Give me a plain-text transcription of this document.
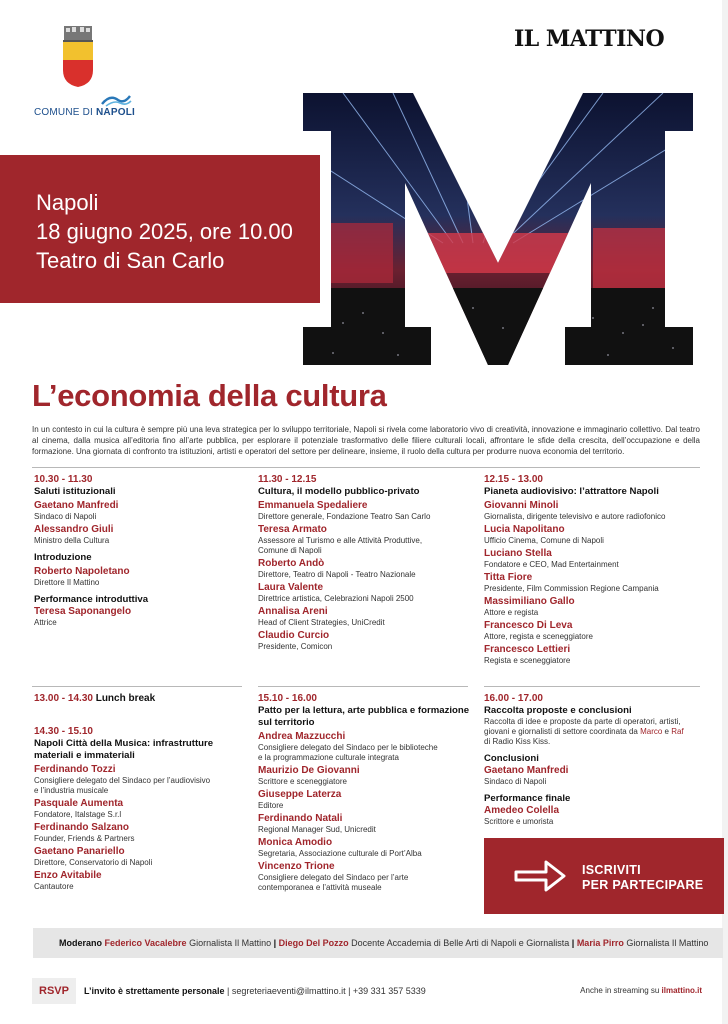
COMUNE DI NAPOLI
IL MATTINO
Napoli
18 giugno 2025, ore 10.00
Teatro di San Carlo
L’economia della cultura
In un contesto in cui la cultura è sempre più una leva strategica per lo sviluppo territoriale, Napoli si rivela come laboratorio vivo di creatività, innovazione e immaginario collettivo. Dal teatro al cinema, dalla musica all’editoria fino all’arte pubblica, per esplorare il potenziale trasformativo delle filiere culturali locali, affrontare le sfide della crescita, dell’occupazione e della formazione. Una giornata di confronto tra istituzioni, artisti e operatori del settore per delineare, insieme, il ruolo della cultura per produrre nuova economia del territorio.
10.30 - 11.30
Saluti istituzionali
Gaetano Manfredi
Sindaco di Napoli
Alessandro Giuli
Ministro della Cultura
Introduzione
Roberto Napoletano
Direttore Il Mattino
Performance introduttiva
Teresa Saponangelo
Attrice
11.30 - 12.15
Cultura, il modello pubblico-privato
Emmanuela Spedaliere
Direttore generale, Fondazione Teatro San Carlo
Teresa Armato
Assessore al Turismo e alle Attività Produttive,
Comune di Napoli
Roberto Andò
Direttore, Teatro di Napoli - Teatro Nazionale
Laura Valente
Direttrice artistica, Celebrazioni Napoli 2500
Annalisa Areni
Head of Client Strategies, UniCredit
Claudio Curcio
Presidente, Comicon
12.15 - 13.00
Pianeta audiovisivo: l’attrattore Napoli
Giovanni Minoli
Giornalista, dirigente televisivo e autore radiofonico
Lucia Napolitano
Ufficio Cinema, Comune di Napoli
Luciano Stella
Fondatore e CEO, Mad Entertainment
Titta Fiore
Presidente, Film Commission Regione Campania
Massimiliano Gallo
Attore e regista
Francesco Di Leva
Attore, regista e sceneggiatore
Francesco Lettieri
Regista e sceneggiatore
13.00 - 14.30 Lunch break
14.30 - 15.10
Napoli Città della Musica: infrastrutture
materiali e immateriali
Ferdinando Tozzi
Consigliere delegato del Sindaco per l’audiovisivo
e l’industria musicale
Pasquale Aumenta
Fondatore, Italstage S.r.l
Ferdinando Salzano
Founder, Friends & Partners
Gaetano Panariello
Direttore, Conservatorio di Napoli
Enzo Avitabile
Cantautore
15.10 - 16.00
Patto per la lettura, arte pubblica e formazione
sul territorio
Andrea Mazzucchi
Consigliere delegato del Sindaco per le biblioteche
e la programmazione culturale integrata
Maurizio De Giovanni
Scrittore e sceneggiatore
Giuseppe Laterza
Editore
Ferdinando Natali
Regional Manager Sud, Unicredit
Monica Amodio
Segretaria, Associazione culturale di Port’Alba
Vincenzo Trione
Consigliere delegato del Sindaco per l’arte
contemporanea e l’attività museale
16.00 - 17.00
Raccolta proposte e conclusioni
Raccolta di idee e proposte da parte di operatori, artisti,
giovani e giornalisti di settore coordinata da Marco e Raf
di Radio Kiss Kiss.
Conclusioni
Gaetano Manfredi
Sindaco di Napoli
Performance finale
Amedeo Colella
Scrittore e umorista
ISCRIVITI
PER PARTECIPARE
Moderano Federico Vacalebre Giornalista Il Mattino | Diego Del Pozzo Docente Accademia di Belle Arti di Napoli e Giornalista | Maria Pirro Giornalista Il Mattino
RSVP	L’invito è strettamente personale | segreteriaeventi@ilmattino.it | +39 331 357 5339	Anche in streaming su ilmattino.it
